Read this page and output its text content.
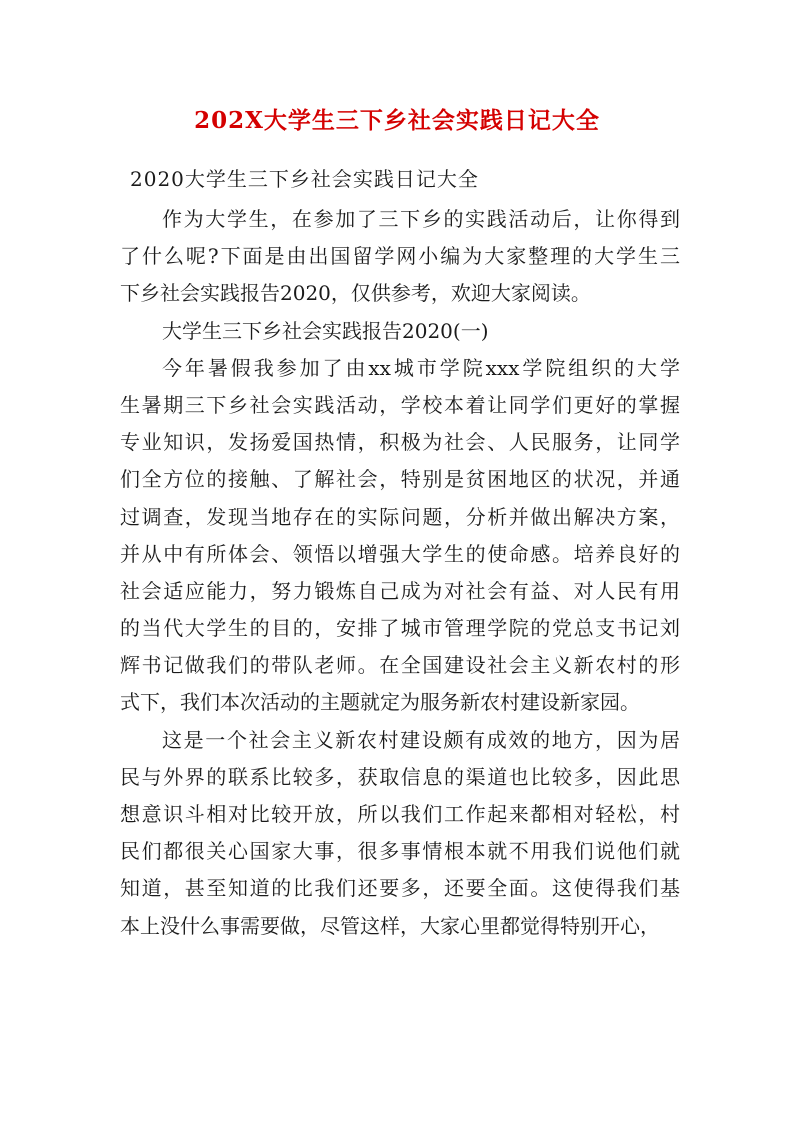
202X大学生三下乡社会实践日记大全

2020大学生三下乡社会实践日记大全

作为大学生，在参加了三下乡的实践活动后，让你得到
了什么呢?下面是由出国留学网小编为大家整理的大学生三
下乡社会实践报告2020，仅供参考，欢迎大家阅读。
大学生三下乡社会实践报告2020(一)
今年暑假我参加了由xx城市学院xxx学院组织的大学
生暑期三下乡社会实践活动，学校本着让同学们更好的掌握
专业知识，发扬爱国热情，积极为社会、人民服务，让同学
们全方位的接触、了解社会，特别是贫困地区的状况，并通
过调查，发现当地存在的实际问题，分析并做出解决方案，
并从中有所体会、领悟以增强大学生的使命感。培养良好的
社会适应能力，努力锻炼自己成为对社会有益、对人民有用
的当代大学生的目的，安排了城市管理学院的党总支书记刘
辉书记做我们的带队老师。在全国建设社会主义新农村的形
式下，我们本次活动的主题就定为服务新农村建设新家园。
这是一个社会主义新农村建设颇有成效的地方，因为居
民与外界的联系比较多，获取信息的渠道也比较多，因此思
想意识斗相对比较开放，所以我们工作起来都相对轻松，村
民们都很关心国家大事，很多事情根本就不用我们说他们就
知道，甚至知道的比我们还要多，还要全面。这使得我们基
本上没什么事需要做，尽管这样，大家心里都觉得特别开心，
